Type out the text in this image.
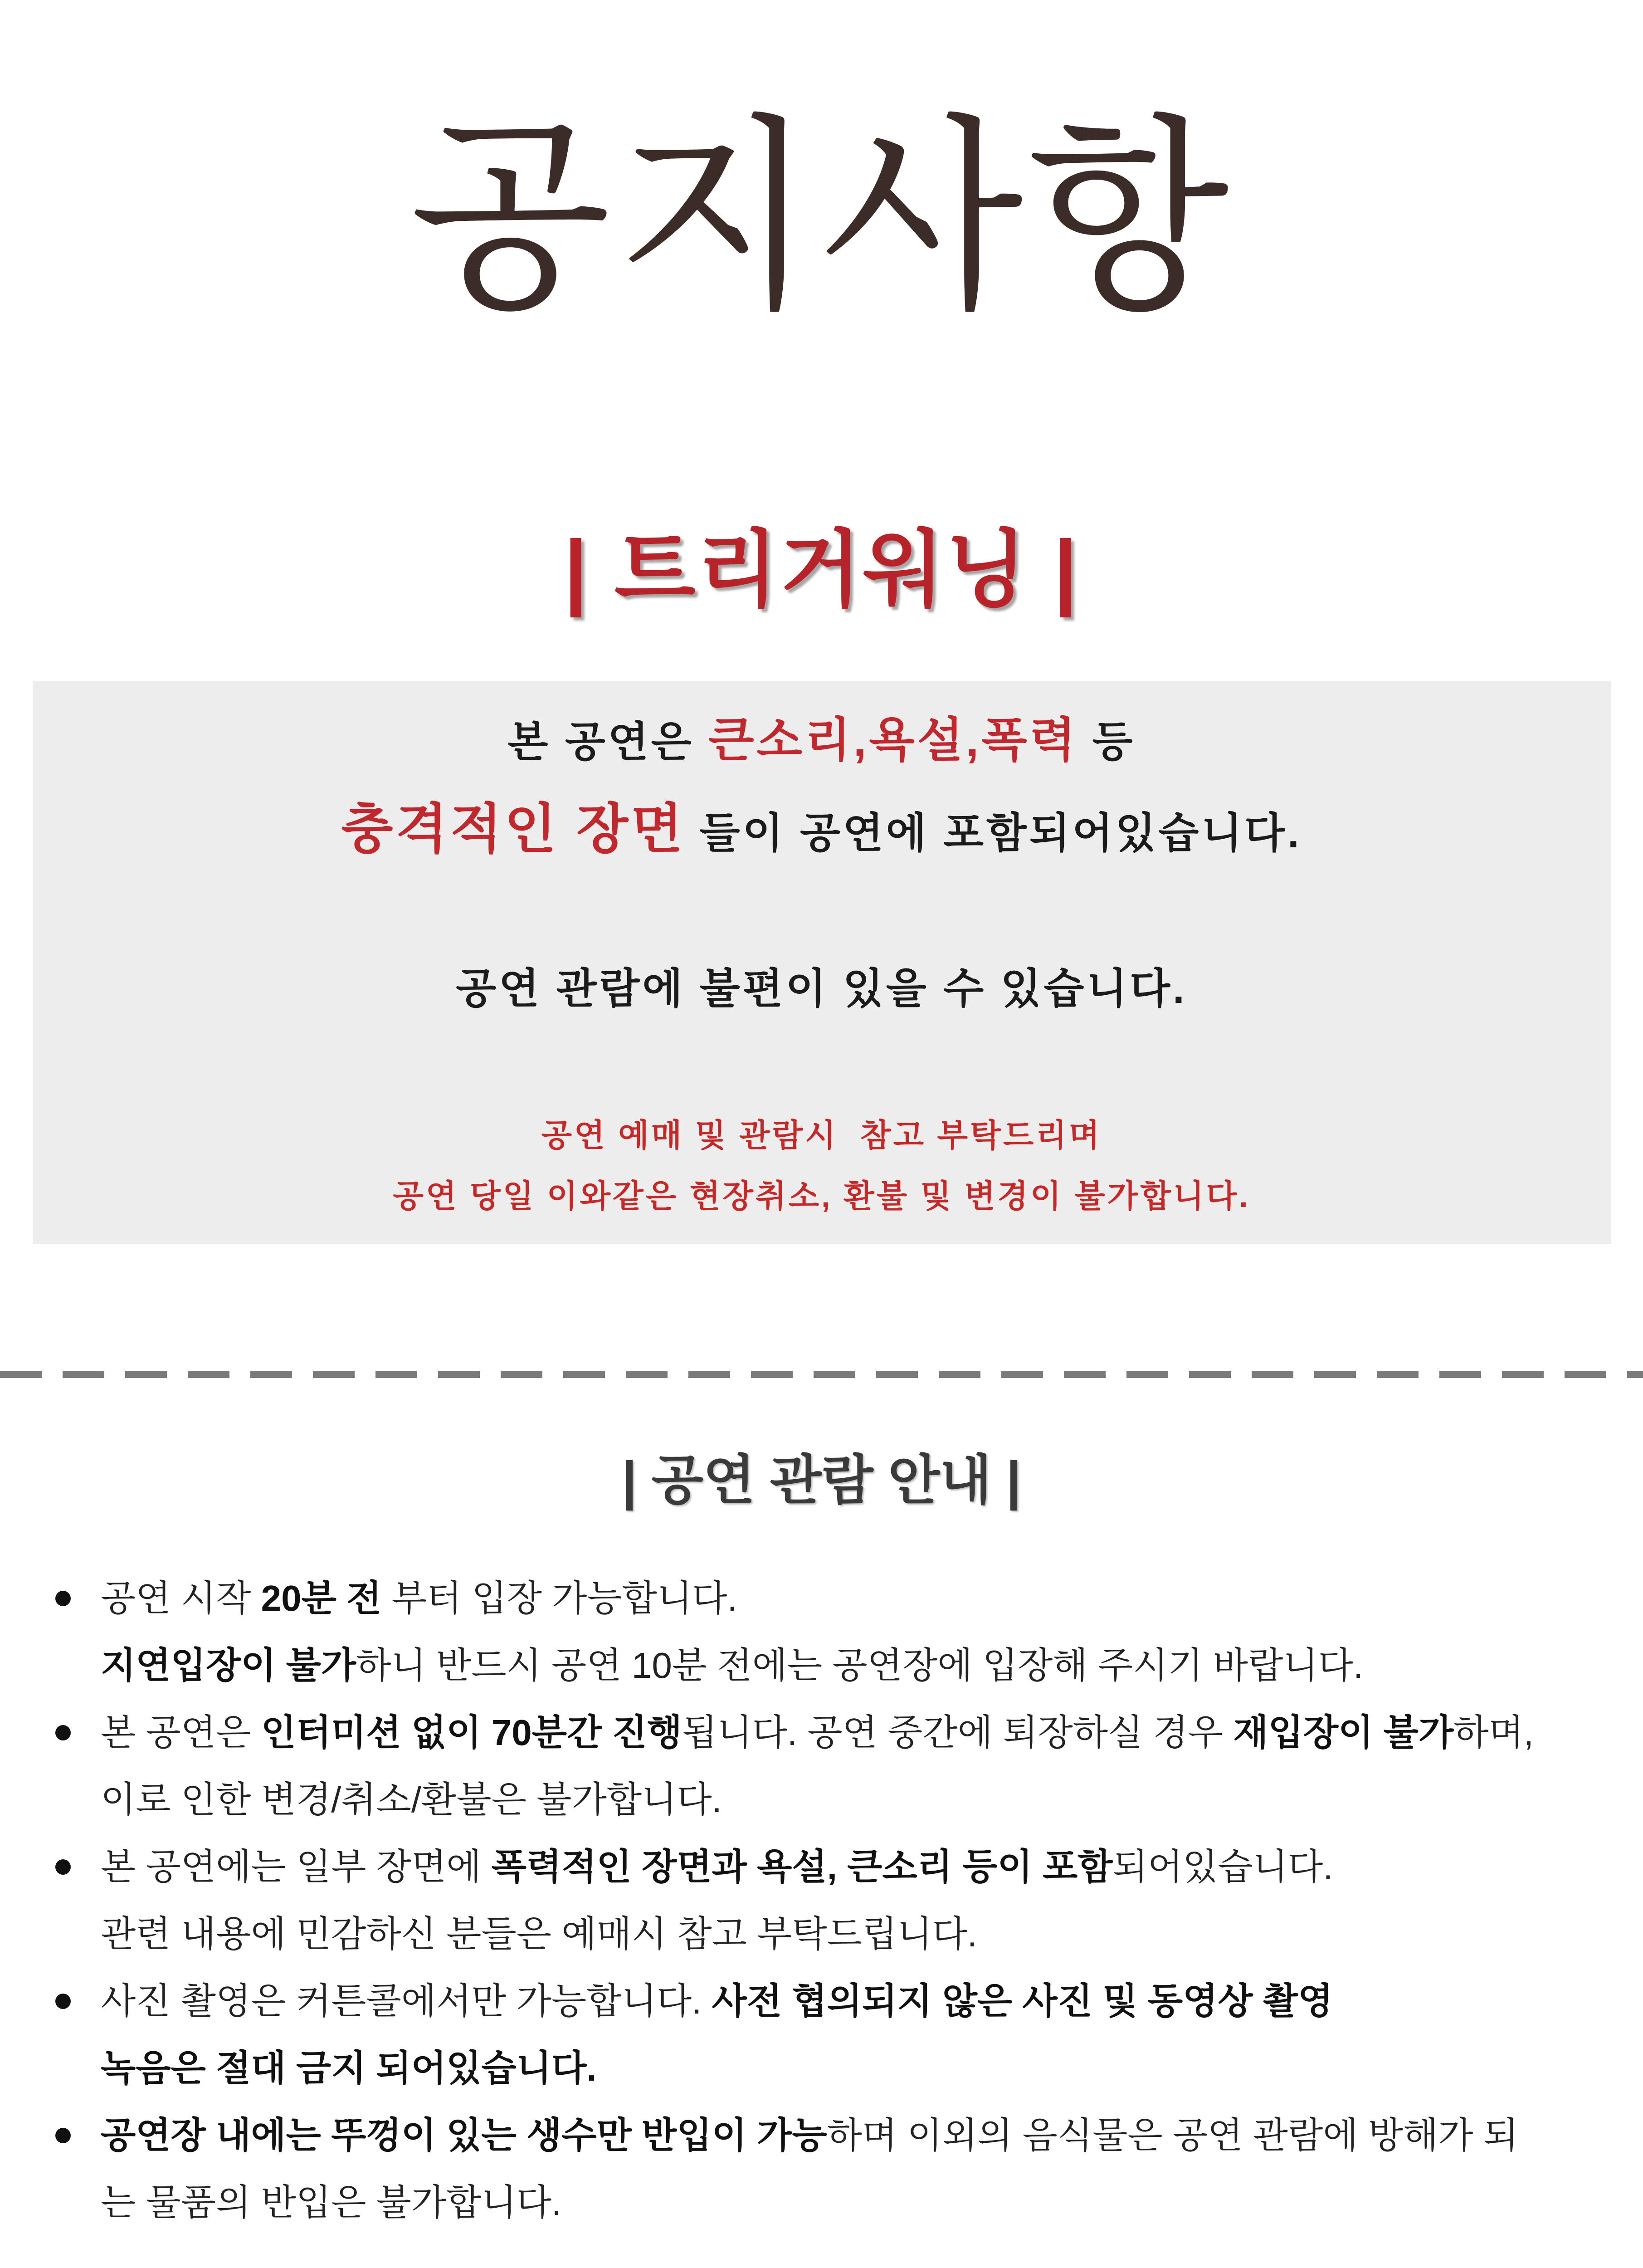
공지사항
| 트리거워닝 |
본 공연은 큰소리,욕설,폭력 등
충격적인 장면 들이 공연에 포함되어있습니다.
공연 관람에 불편이 있을 수 있습니다.
공연 예매 및 관람시  참고 부탁드리며
공연 당일 이와같은 현장취소, 환불 및 변경이 불가합니다.
| 공연 관람 안내 |
공연 시작 20분 전 부터 입장 가능합니다.
지연입장이 불가하니 반드시 공연 10분 전에는 공연장에 입장해 주시기 바랍니다.
본 공연은 인터미션 없이 70분간 진행됩니다. 공연 중간에 퇴장하실 경우 재입장이 불가하며,
이로 인한 변경/취소/환불은 불가합니다.
본 공연에는 일부 장면에 폭력적인 장면과 욕설, 큰소리 등이 포함되어있습니다.
관련 내용에 민감하신 분들은 예매시 참고 부탁드립니다.
사진 촬영은 커튼콜에서만 가능합니다. 사전 협의되지 않은 사진 및 동영상 촬영
녹음은 절대 금지 되어있습니다.
공연장 내에는 뚜껑이 있는 생수만 반입이 가능하며 이외의 음식물은 공연 관람에 방해가 되
는 물품의 반입은 불가합니다.
